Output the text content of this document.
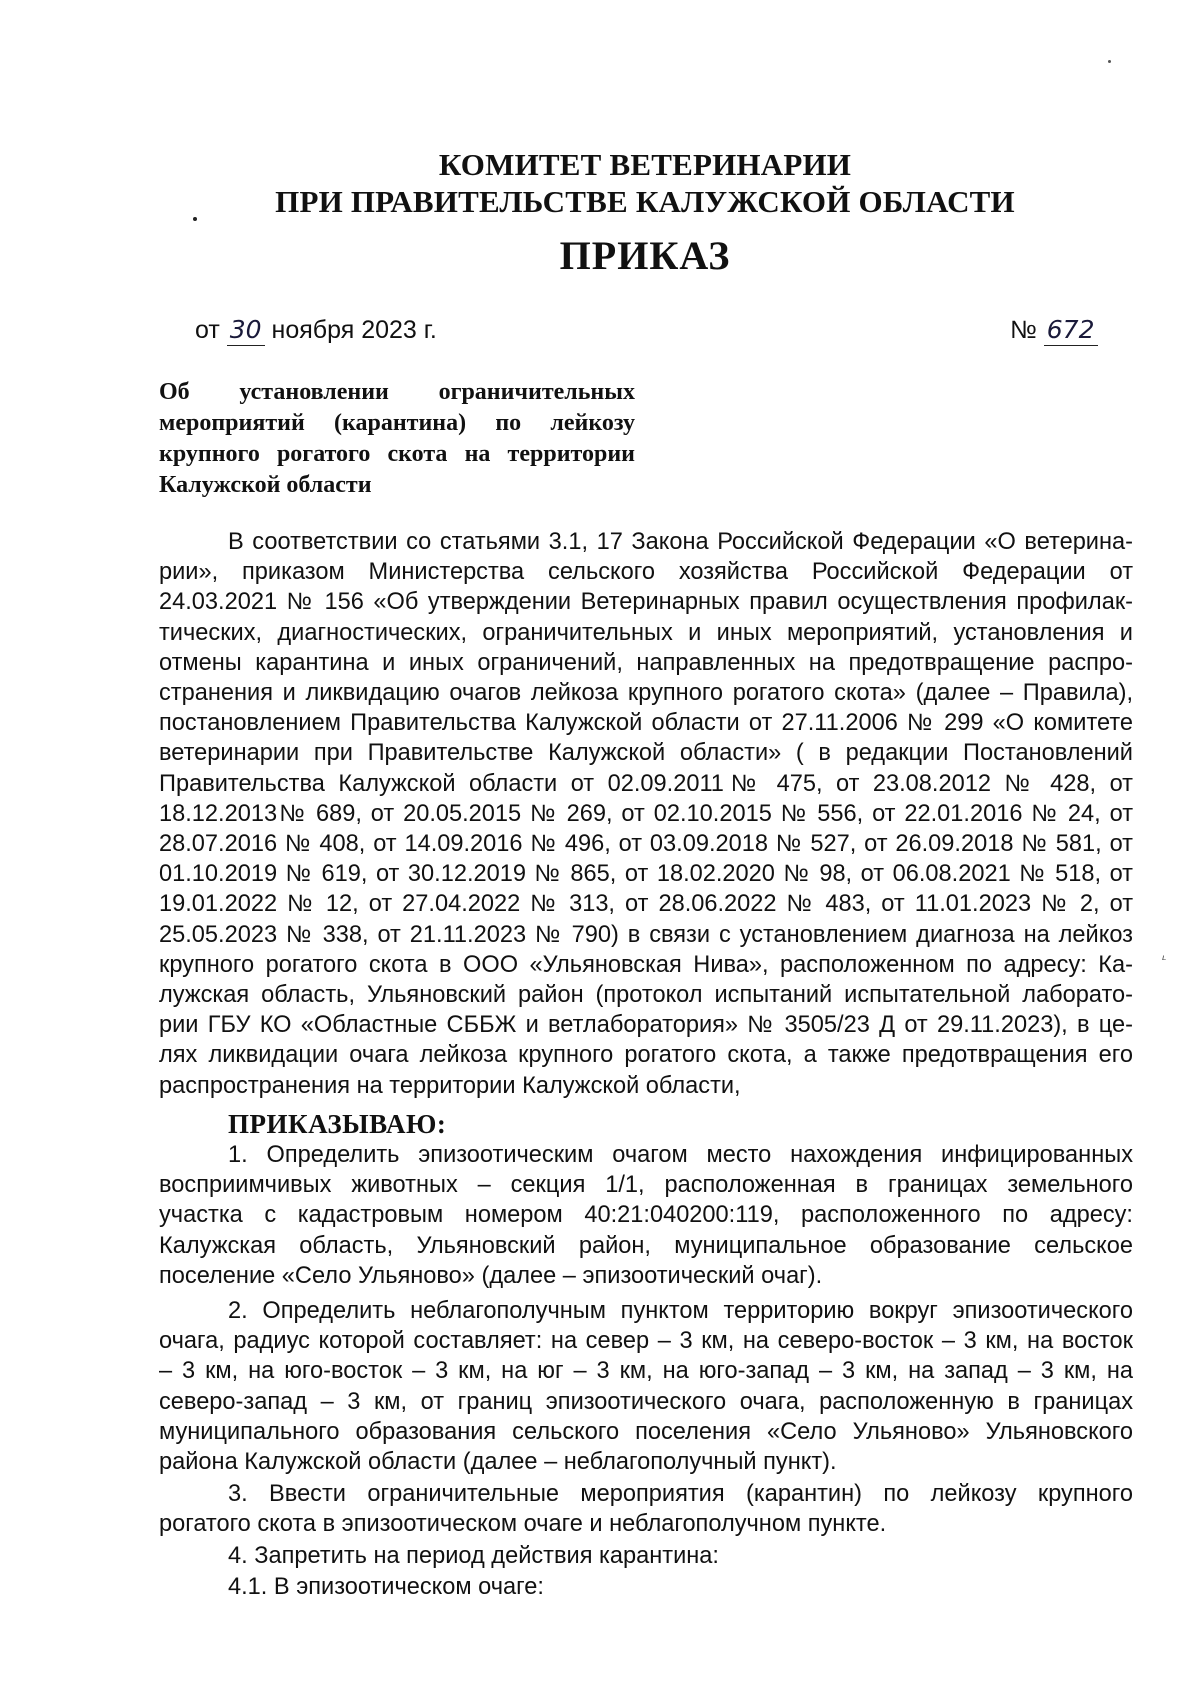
КОМИТЕТ ВЕТЕРИНАРИИ
ПРИ ПРАВИТЕЛЬСТВЕ КАЛУЖСКОЙ ОБЛАСТИ
ПРИКАЗ
от 30 ноября 2023 г.	№ 672
Об установлении ограничительных
мероприятий (карантина) по лейкозу
крупного рогатого скота на территории
Калужской области
В соответствии со статьями 3.1, 17 Закона Российской Федерации «О ветерина-
рии», приказом Министерства сельского хозяйства Российской Федерации от
24.03.2021 № 156 «Об утверждении Ветеринарных правил осуществления профилак-
тических, диагностических, ограничительных и иных мероприятий, установления и
отмены карантина и иных ограничений, направленных на предотвращение распро-
странения и ликвидацию очагов лейкоза крупного рогатого скота» (далее – Правила),
постановлением Правительства Калужской области от 27.11.2006 № 299 «О комитете
ветеринарии при Правительстве Калужской области» ( в редакции Постановлений
Правительства Калужской области от 02.09.2011№ 475, от 23.08.2012 № 428, от
18.12.2013№ 689, от 20.05.2015 № 269, от 02.10.2015 № 556, от 22.01.2016 № 24, от
28.07.2016 № 408, от 14.09.2016 № 496, от 03.09.2018 № 527, от 26.09.2018 № 581, от
01.10.2019 № 619, от 30.12.2019 № 865, от 18.02.2020 № 98, от 06.08.2021 № 518, от
19.01.2022 № 12, от 27.04.2022 № 313, от 28.06.2022 № 483, от 11.01.2023 № 2, от
25.05.2023 № 338, от 21.11.2023 № 790) в связи с установлением диагноза на лейкоз
крупного рогатого скота в ООО «Ульяновская Нива», расположенном по адресу: Ка-
лужская область, Ульяновский район (протокол испытаний испытательной лаборато-
рии ГБУ КО «Областные СББЖ и ветлаборатория» № 3505/23 Д от 29.11.2023), в це-
лях ликвидации очага лейкоза крупного рогатого скота, а также предотвращения его
распространения на территории Калужской области,
ᴸ
ПРИКАЗЫВАЮ:
1. Определить эпизоотическим очагом место нахождения инфицированных
восприимчивых животных – секция 1/1, расположенная в границах земельного
участка с кадастровым номером 40:21:040200:119, расположенного по адресу:
Калужская область, Ульяновский район, муниципальное образование сельское
поселение «Село Ульяново» (далее – эпизоотический очаг).
2. Определить неблагополучным пунктом территорию вокруг эпизоотического
очага, радиус которой составляет: на север – 3 км, на северо-восток – 3 км, на восток
– 3 км, на юго-восток – 3 км, на юг – 3 км, на юго-запад – 3 км, на запад – 3 км, на
северо-запад – 3 км, от границ эпизоотического очага, расположенную в границах
муниципального образования сельского поселения «Село Ульяново» Ульяновского
района Калужской области (далее – неблагополучный пункт).
3. Ввести ограничительные мероприятия (карантин) по лейкозу крупного
рогатого скота в эпизоотическом очаге и неблагополучном пункте.
4. Запретить на период действия карантина:
4.1. В эпизоотическом очаге:
